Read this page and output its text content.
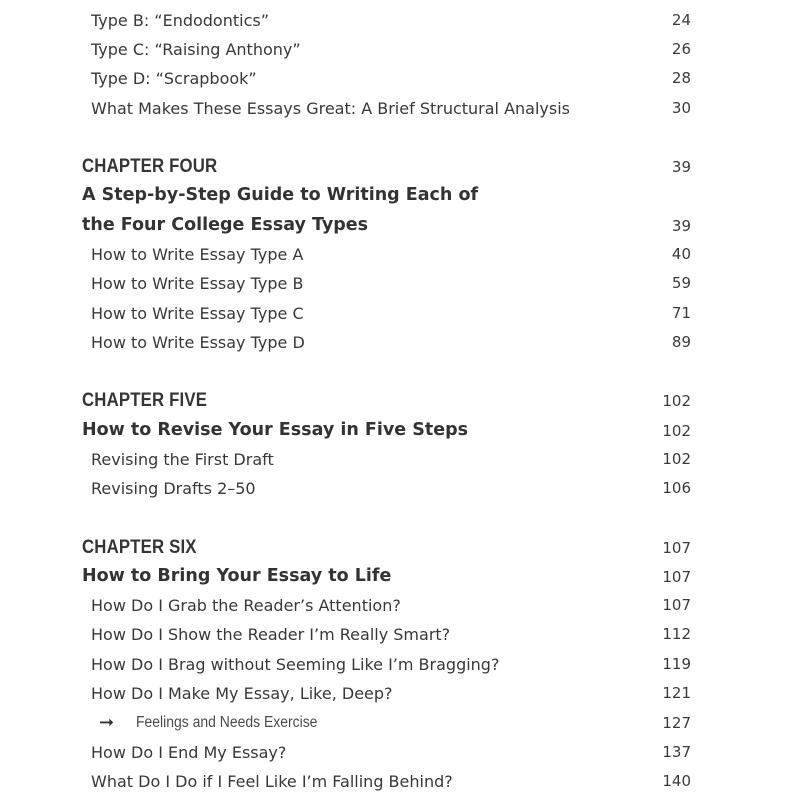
Type B: “Endodontics”	24
Type C: “Raising Anthony”	26
Type D: “Scrapbook”	28
What Makes These Essays Great: A Brief Structural Analysis	30
CHAPTER FOUR	39
A Step-by-Step Guide to Writing Each of
the Four College Essay Types	39
How to Write Essay Type A	40
How to Write Essay Type B	59
How to Write Essay Type C	71
How to Write Essay Type D	89
CHAPTER FIVE	102
How to Revise Your Essay in Five Steps	102
Revising the First Draft	102
Revising Drafts 2–50	106
CHAPTER SIX	107
How to Bring Your Essay to Life	107
How Do I Grab the Reader’s Attention?	107
How Do I Show the Reader I’m Really Smart?	112
How Do I Brag without Seeming Like I’m Bragging?	119
How Do I Make My Essay, Like, Deep?	121
➞ Feelings and Needs Exercise	127
How Do I End My Essay?	137
What Do I Do if I Feel Like I’m Falling Behind?	140
